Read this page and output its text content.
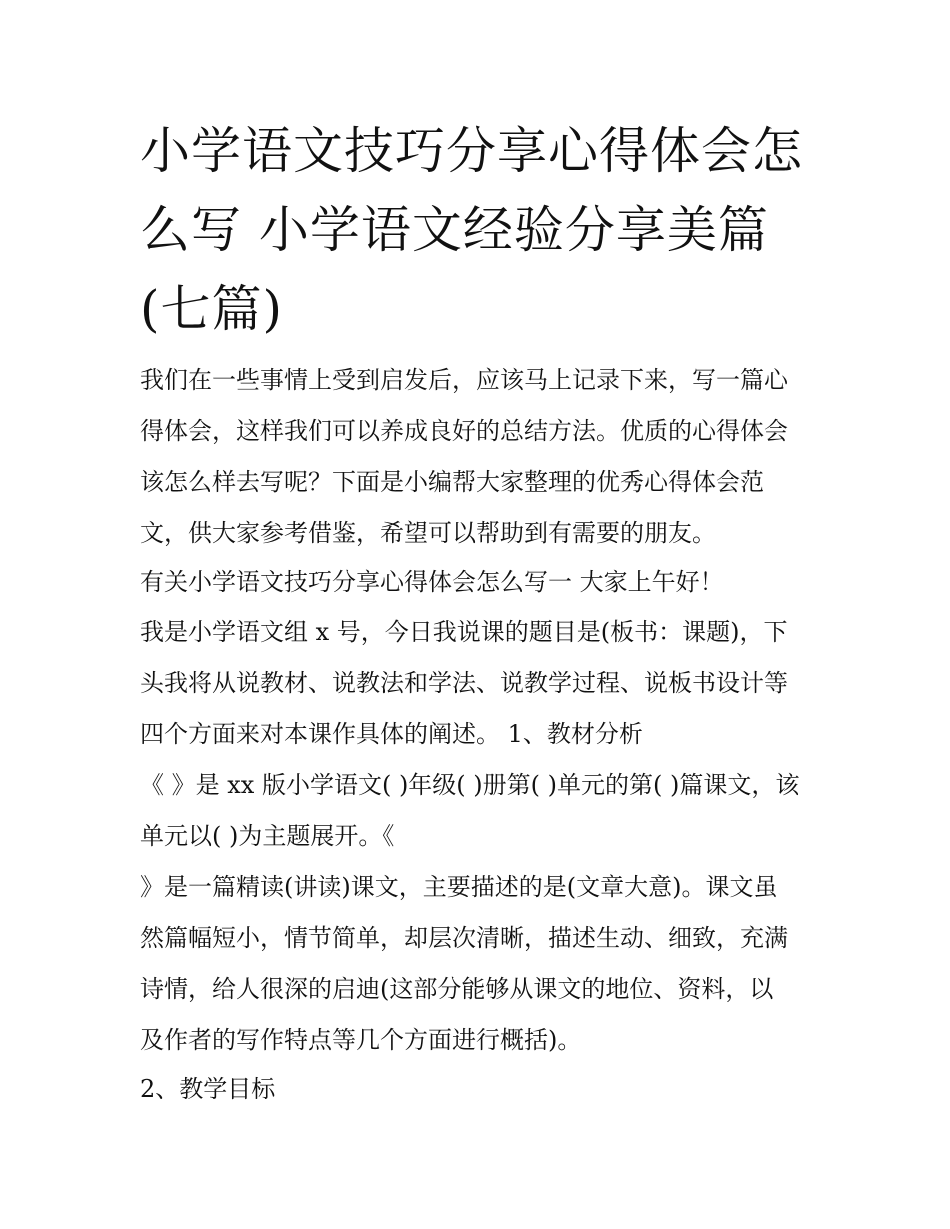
小学语文技巧分享心得体会怎
么写 小学语文经验分享美篇
(七篇)

我们在一些事情上受到启发后，应该马上记录下来，写一篇心
得体会，这样我们可以养成良好的总结方法。优质的心得体会
该怎么样去写呢？下面是小编帮大家整理的优秀心得体会范
文，供大家参考借鉴，希望可以帮助到有需要的朋友。

有关小学语文技巧分享心得体会怎么写一 大家上午好！

我是小学语文组 x 号，今日我说课的题目是(板书：课题)，下
头我将从说教材、说教法和学法、说教学过程、说板书设计等
四个方面来对本课作具体的阐述。 1、教材分析

《 》是 xx 版小学语文( )年级( )册第( )单元的第( )篇课文，该
单元以( )为主题展开。《

》是一篇精读(讲读)课文，主要描述的是(文章大意)。课文虽
然篇幅短小，情节简单，却层次清晰，描述生动、细致，充满
诗情，给人很深的启迪(这部分能够从课文的地位、资料，以
及作者的写作特点等几个方面进行概括)。

2、教学目标
